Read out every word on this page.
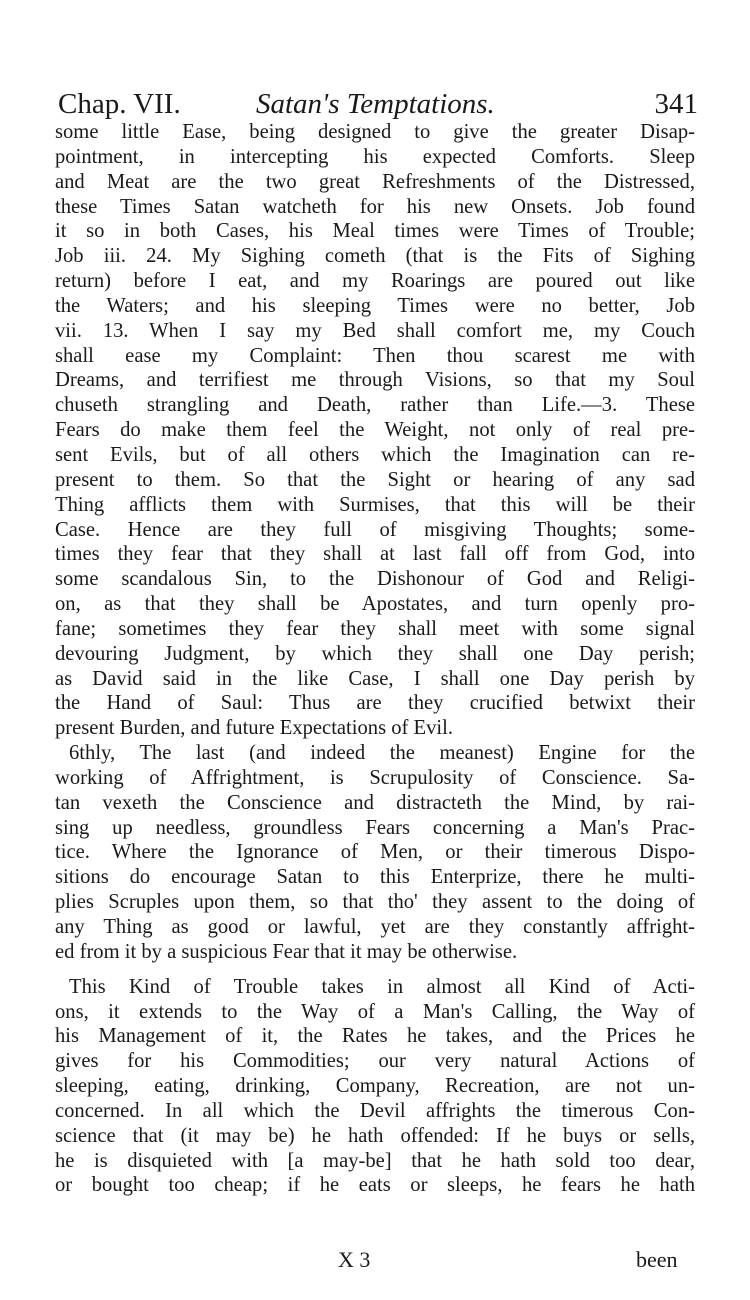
Chap. VII.	Satan's Temptations.	341
some little Ease, being designed to give the greater Disap-
pointment, in intercepting his expected Comforts. Sleep
and Meat are the two great Refreshments of the Distressed,
these Times Satan watcheth for his new Onsets. Job found
it so in both Cases, his Meal times were Times of Trouble;
Job iii. 24. My Sighing cometh (that is the Fits of Sighing
return) before I eat, and my Roarings are poured out like
the Waters; and his sleeping Times were no better, Job
vii. 13. When I say my Bed shall comfort me, my Couch
shall ease my Complaint: Then thou scarest me with
Dreams, and terrifiest me through Visions, so that my Soul
chuseth strangling and Death, rather than Life.—3. These
Fears do make them feel the Weight, not only of real pre-
sent Evils, but of all others which the Imagination can re-
present to them. So that the Sight or hearing of any sad
Thing afflicts them with Surmises, that this will be their
Case. Hence are they full of misgiving Thoughts; some-
times they fear that they shall at last fall off from God, into
some scandalous Sin, to the Dishonour of God and Religi-
on, as that they shall be Apostates, and turn openly pro-
fane; sometimes they fear they shall meet with some signal
devouring Judgment, by which they shall one Day perish;
as David said in the like Case, I shall one Day perish by
the Hand of Saul: Thus are they crucified betwixt their
present Burden, and future Expectations of Evil.
6thly, The last (and indeed the meanest) Engine for the
working of Affrightment, is Scrupulosity of Conscience. Sa-
tan vexeth the Conscience and distracteth the Mind, by rai-
sing up needless, groundless Fears concerning a Man's Prac-
tice. Where the Ignorance of Men, or their timerous Dispo-
sitions do encourage Satan to this Enterprize, there he multi-
plies Scruples upon them, so that tho' they assent to the doing of
any Thing as good or lawful, yet are they constantly affright-
ed from it by a suspicious Fear that it may be otherwise.
This Kind of Trouble takes in almost all Kind of Acti-
ons, it extends to the Way of a Man's Calling, the Way of
his Management of it, the Rates he takes, and the Prices he
gives for his Commodities; our very natural Actions of
sleeping, eating, drinking, Company, Recreation, are not un-
concerned. In all which the Devil affrights the timerous Con-
science that (it may be) he hath offended: If he buys or sells,
he is disquieted with [a may-be] that he hath sold too dear,
or bought too cheap; if he eats or sleeps, he fears he hath
X 3	been
